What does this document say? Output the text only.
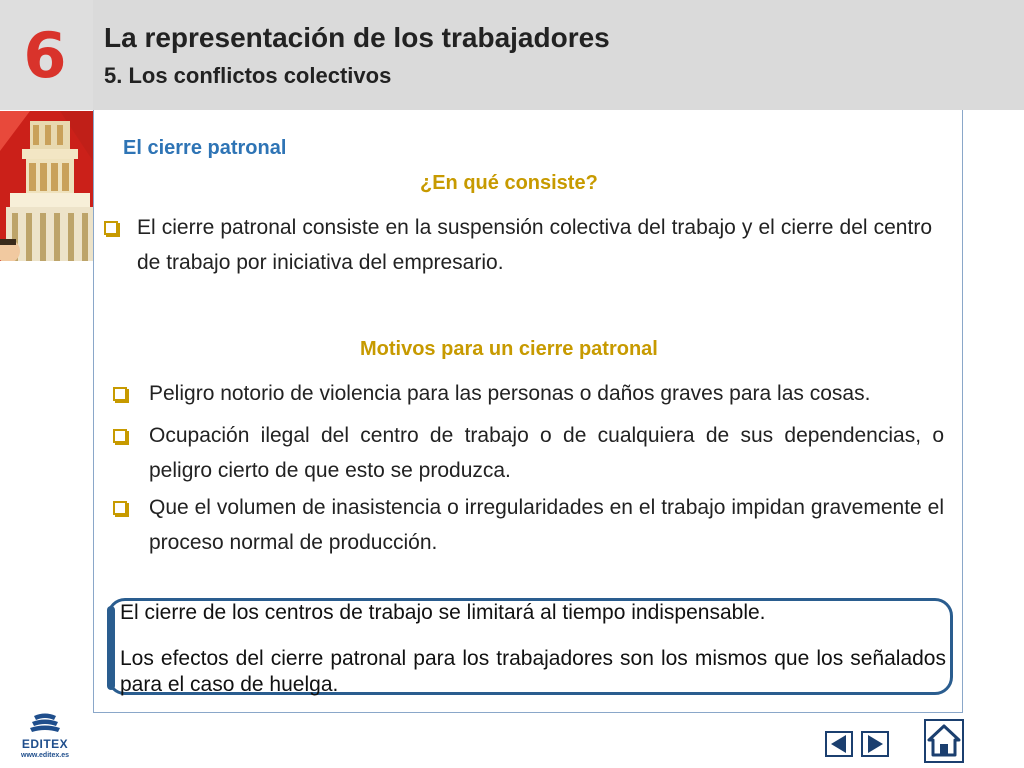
6	La representación de los trabajadores
5. Los conflictos colectivos
El cierre patronal
¿En qué consiste?
El cierre patronal consiste en la suspensión colectiva del trabajo y el cierre del centro de trabajo por iniciativa del empresario.
Motivos para un cierre patronal
Peligro notorio de violencia para las personas o daños graves para las cosas.
Ocupación ilegal del centro de trabajo o de cualquiera de sus dependencias, o peligro cierto de que esto se produzca.
Que el volumen de inasistencia o irregularidades en el trabajo impidan gravemente el proceso normal de producción.
El cierre de los centros de trabajo se limitará al tiempo indispensable.
Los efectos del cierre patronal para los trabajadores son los mismos que los señalados para el caso de huelga.
EDITEX
www.editex.es
